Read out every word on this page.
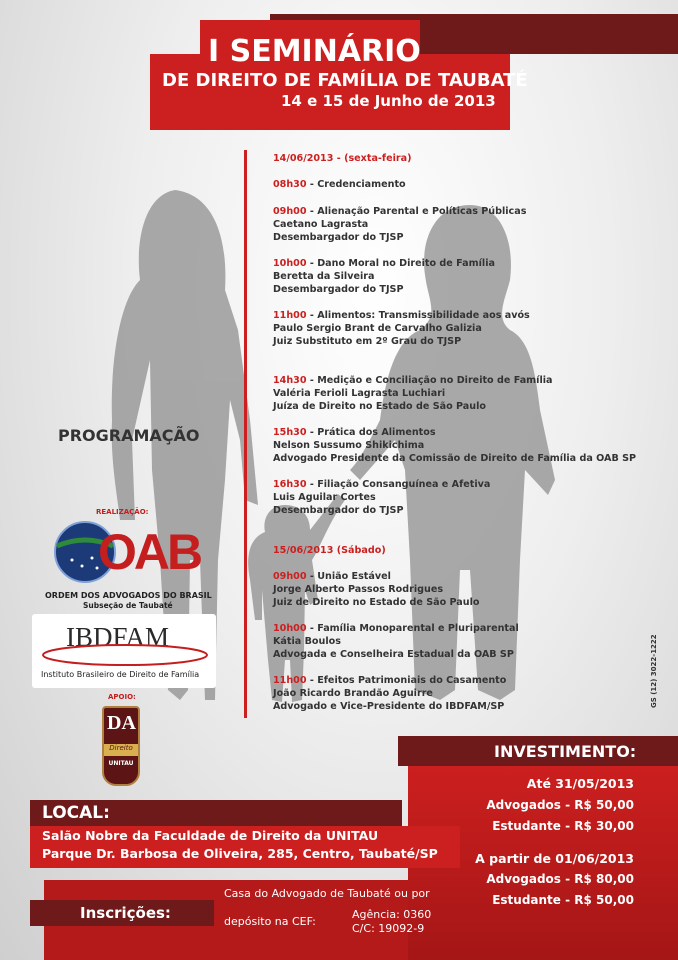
I SEMINÁRIO
DE DIREITO DE FAMÍLIA DE TAUBATÉ
14 e 15 de Junho de 2013
14/06/2013 - (sexta-feira)
08h30 - Credenciamento
09h00 - Alienação Parental e Políticas Públicas
Caetano Lagrasta
Desembargador do TJSP
10h00 - Dano Moral no Direito de Família
Beretta da Silveira
Desembargador do TJSP
11h00 - Alimentos: Transmissibilidade aos avós
Paulo Sergio Brant de Carvalho Galizia
Juiz Substituto em 2º Grau do TJSP
14h30 - Medição e Conciliação no Direito de Família
Valéria Ferioli Lagrasta Luchiari
Juíza de Direito no Estado de São Paulo
15h30 - Prática dos Alimentos
Nelson Sussumo Shikichima
Advogado Presidente da Comissão de Direito de Família da OAB SP
16h30 - Filiação Consanguínea e Afetiva
Luis Aguilar Cortes
Desembargador do TJSP
15/06/2013 (Sábado)
09h00 - União Estável
Jorge Alberto Passos Rodrigues
Juiz de Direito no Estado de São Paulo
10h00 - Família Monoparental e Pluriparental
Kátia Boulos
Advogada e Conselheira Estadual da OAB SP
11h00 - Efeitos Patrimoniais do Casamento
João Ricardo Brandão Aguirre
Advogado e Vice-Presidente do IBDFAM/SP
PROGRAMAÇÃO
REALIZAÇÃO:
OAB
ORDEM DOS ADVOGADOS DO BRASIL
Subseção de Taubaté
IBDFAM
Instituto Brasileiro de Direito de Família
APOIO:
DA
Direito
UNITAU
GS (12) 3022-1222
INVESTIMENTO:
Até 31/05/2013
Advogados - R$ 50,00
Estudante - R$ 30,00
A partir de 01/06/2013
Advogados - R$ 80,00
Estudante - R$ 50,00
LOCAL:
Salão Nobre da Faculdade de Direito da UNITAU
Parque Dr. Barbosa de Oliveira, 285, Centro, Taubaté/SP
Inscrições:
Casa do Advogado de Taubaté ou por
depósito na CEF:
Agência: 0360
C/C: 19092-9
